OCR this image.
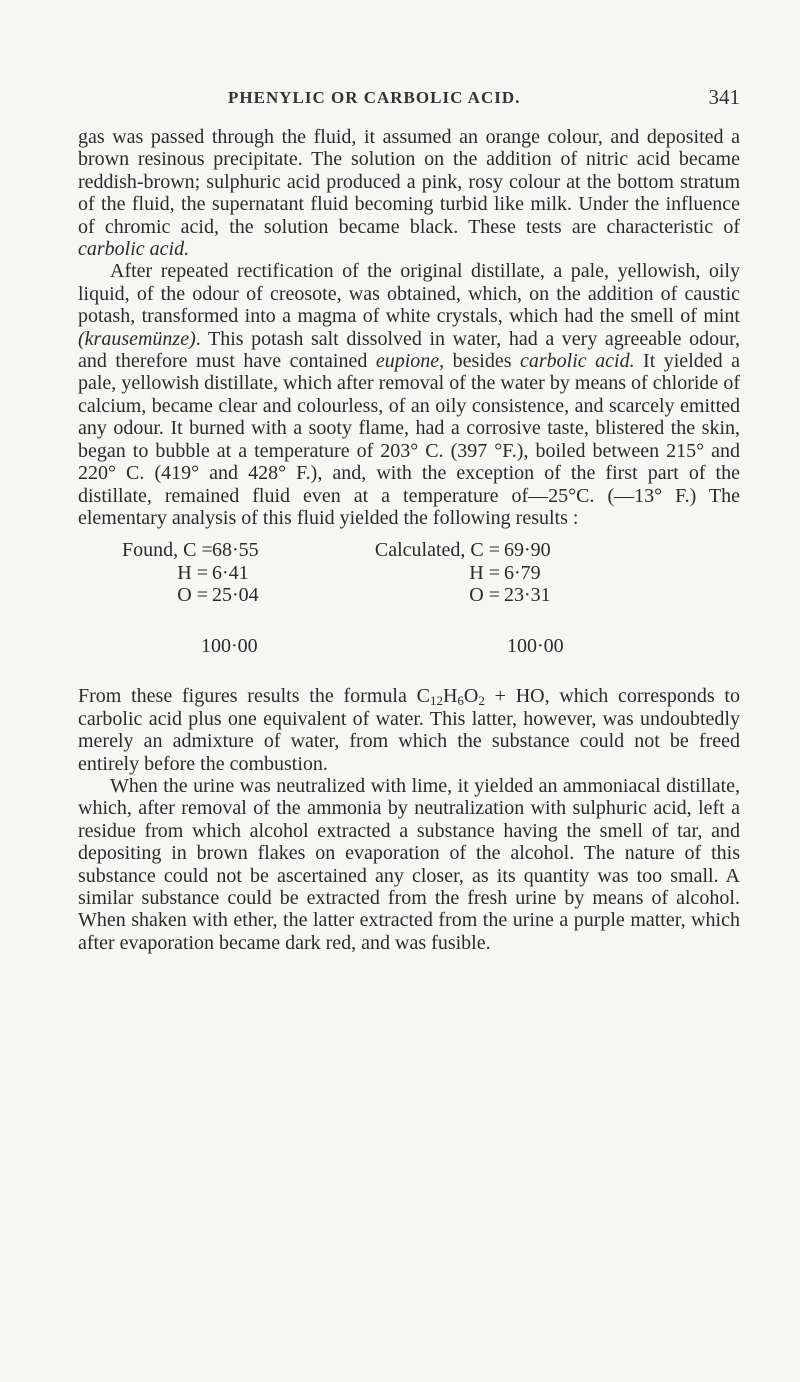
PHENYLIC OR CARBOLIC ACID.	341

gas was passed through the fluid, it assumed an orange colour, and deposited a brown resinous precipitate. The solution on the addition of nitric acid became reddish-brown; sulphuric acid produced a pink, rosy colour at the bottom stratum of the fluid, the supernatant fluid becoming turbid like milk. Under the influence of chromic acid, the solution became black. These tests are characteristic of carbolic acid.

After repeated rectification of the original distillate, a pale, yellowish, oily liquid, of the odour of creosote, was obtained, which, on the addition of caustic potash, transformed into a magma of white crystals, which had the smell of mint (krausemünze). This potash salt dissolved in water, had a very agreeable odour, and therefore must have contained eupione, besides carbolic acid. It yielded a pale, yellowish distillate, which after removal of the water by means of chloride of calcium, became clear and colourless, of an oily consistence, and scarcely emitted any odour. It burned with a sooty flame, had a corrosive taste, blistered the skin, began to bubble at a temperature of 203° C. (397 °F.), boiled between 215° and 220° C. (419° and 428° F.), and, with the exception of the first part of the distillate, remained fluid even at a temperature of—25°C. (—13° F.) The elementary analysis of this fluid yielded the following results :

Found, C =68·55
H = 6·41
O = 25·04
Calculated, C = 69·90
H = 6·79
O = 23·31
100·00	100·00

From these figures results the formula $C_{12}H_6O_2$ + HO, which corresponds to carbolic acid plus one equivalent of water. This latter, however, was undoubtedly merely an admixture of water, from which the substance could not be freed entirely before the combustion.

When the urine was neutralized with lime, it yielded an ammoniacal distillate, which, after removal of the ammonia by neutralization with sulphuric acid, left a residue from which alcohol extracted a substance having the smell of tar, and depositing in brown flakes on evaporation of the alcohol. The nature of this substance could not be ascertained any closer, as its quantity was too small. A similar substance could be extracted from the fresh urine by means of alcohol. When shaken with ether, the latter extracted from the urine a purple matter, which after evaporation became dark red, and was fusible.
